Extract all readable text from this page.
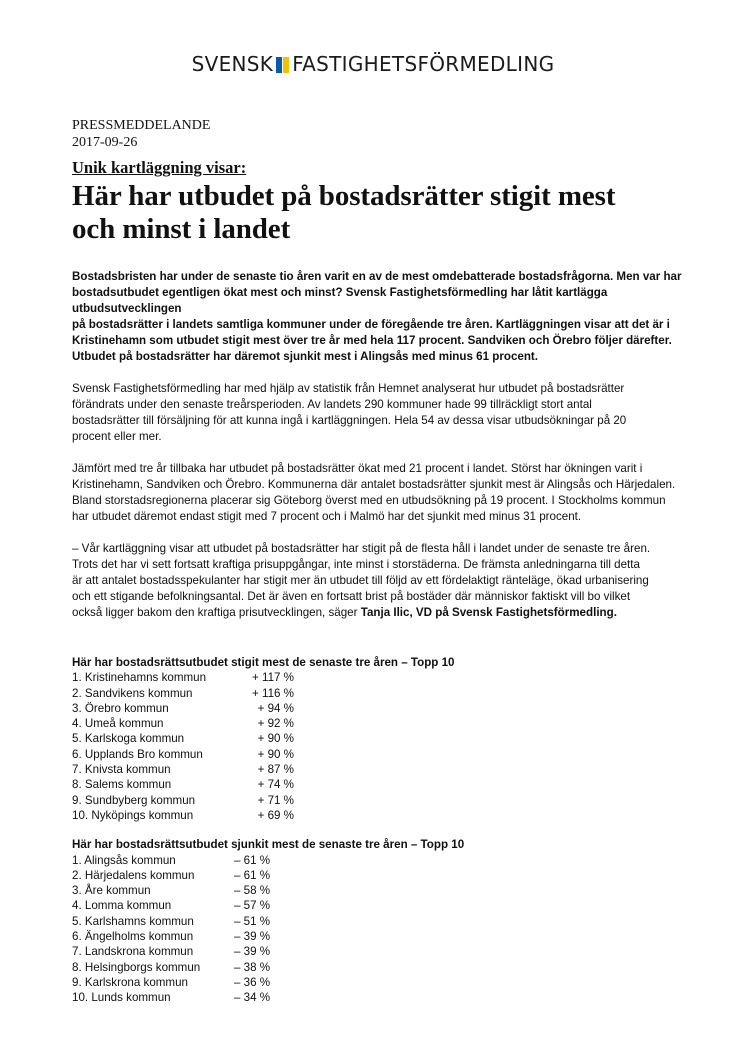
SVENSK FASTIGHETSFÖRMEDLING
PRESSMEDDELANDE
2017-09-26
Unik kartläggning visar:
Här har utbudet på bostadsrätter stigit mest
och minst i landet
Bostadsbristen har under de senaste tio åren varit en av de mest omdebatterade bostadsfrågorna. Men var har
bostadsutbudet egentligen ökat mest och minst? Svensk Fastighetsförmedling har låtit kartlägga utbudsutvecklingen
på bostadsrätter i landets samtliga kommuner under de föregående tre åren. Kartläggningen visar att det är i
Kristinehamn som utbudet stigit mest över tre år med hela 117 procent. Sandviken och Örebro följer därefter.
Utbudet på bostadsrätter har däremot sjunkit mest i Alingsås med minus 61 procent.
Svensk Fastighetsförmedling har med hjälp av statistik från Hemnet analyserat hur utbudet på bostadsrätter
förändrats under den senaste treårsperioden. Av landets 290 kommuner hade 99 tillräckligt stort antal
bostadsrätter till försäljning för att kunna ingå i kartläggningen. Hela 54 av dessa visar utbudsökningar på 20
procent eller mer.
Jämfört med tre år tillbaka har utbudet på bostadsrätter ökat med 21 procent i landet. Störst har ökningen varit i
Kristinehamn, Sandviken och Örebro. Kommunerna där antalet bostadsrätter sjunkit mest är Alingsås och Härjedalen.
Bland storstadsregionerna placerar sig Göteborg överst med en utbudsökning på 19 procent. I Stockholms kommun
har utbudet däremot endast stigit med 7 procent och i Malmö har det sjunkit med minus 31 procent.
– Vår kartläggning visar att utbudet på bostadsrätter har stigit på de flesta håll i landet under de senaste tre åren.
Trots det har vi sett fortsatt kraftiga prisuppgångar, inte minst i storstäderna. De främsta anledningarna till detta
är att antalet bostadsspekulanter har stigit mer än utbudet till följd av ett fördelaktigt ränteläge, ökad urbanisering
och ett stigande befolkningsantal. Det är även en fortsatt brist på bostäder där människor faktiskt vill bo vilket
också ligger bakom den kraftiga prisutvecklingen, säger Tanja Ilic, VD på Svensk Fastighetsförmedling.
Här har bostadsrättsutbudet stigit mest de senaste tre åren – Topp 10
1. Kristinehamns kommun	+ 117 %
2. Sandvikens kommun	+ 116 %
3. Örebro kommun	+ 94 %
4. Umeå kommun	+ 92 %
5. Karlskoga kommun	+ 90 %
6. Upplands Bro kommun	+ 90 %
7. Knivsta kommun	+ 87 %
8. Salems kommun	+ 74 %
9. Sundbyberg kommun	+ 71 %
10. Nyköpings kommun	+ 69 %
Här har bostadsrättsutbudet sjunkit mest de senaste tre åren – Topp 10
1. Alingsås kommun	– 61 %
2. Härjedalens kommun	– 61 %
3. Åre kommun	– 58 %
4. Lomma kommun	– 57 %
5. Karlshamns kommun	– 51 %
6. Ängelholms kommun	– 39 %
7. Landskrona kommun	– 39 %
8. Helsingborgs kommun	– 38 %
9. Karlskrona kommun	– 36 %
10. Lunds kommun	– 34 %
